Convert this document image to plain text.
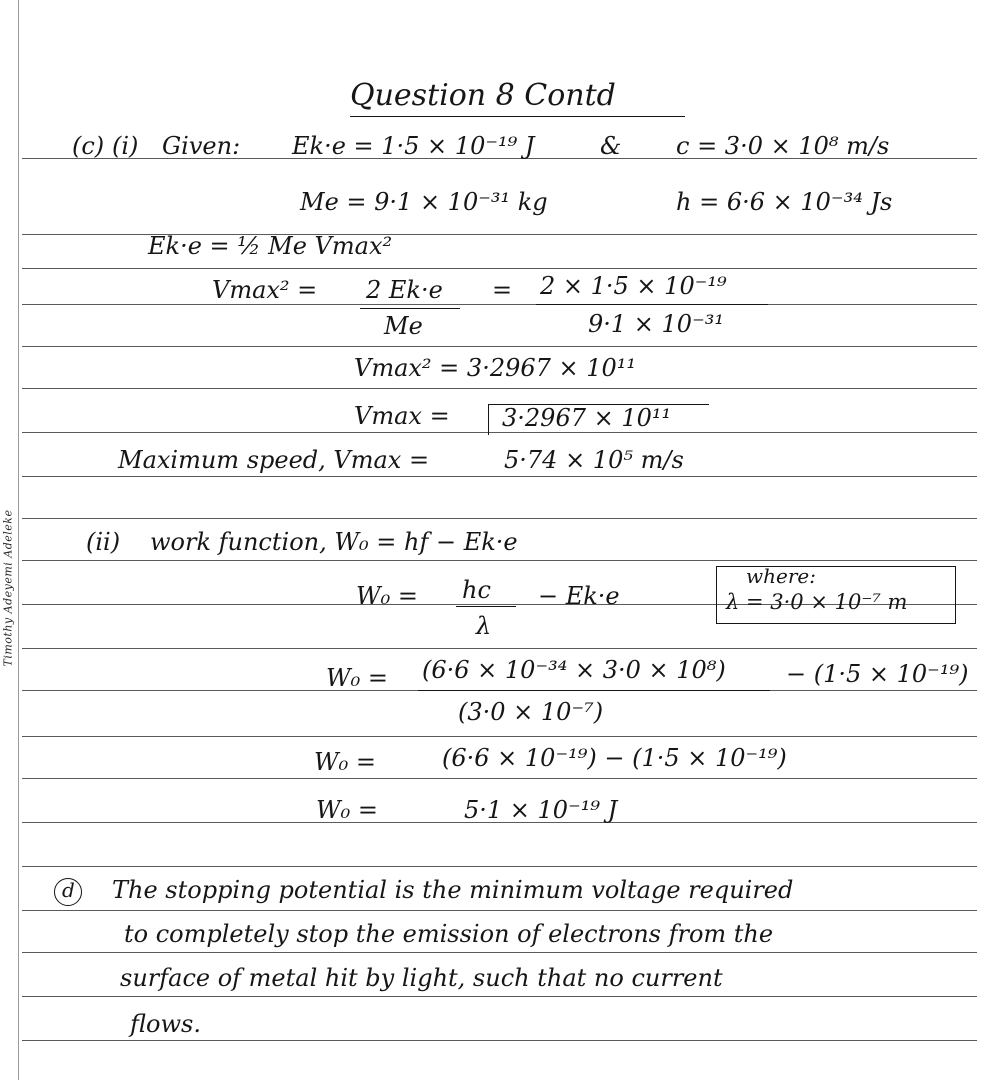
Timothy Adeyemi Adeleke
Question 8 Contd
(c) (i) Given: Ek·e = 1·5 × 10⁻¹⁹ J	& c = 3·0 × 10⁸ m/s
Me = 9·1 × 10⁻³¹ kg	h = 6·6 × 10⁻³⁴ Js
Ek·e = ½ Me Vmax²
Vmax² = 2 Ek·e
Me
= 2 × 1·5 × 10⁻¹⁹
9·1 × 10⁻³¹
Vmax² = 3·2967 × 10¹¹
Vmax = 3·2967 × 10¹¹
Maximum speed, Vmax =	5·74 × 10⁵ m/s
(ii) work function, W₀ = hf − Ek·e
W₀ = hc
λ
− Ek·e
where:
λ = 3·0 × 10⁻⁷ m
W₀ = (6·6 × 10⁻³⁴ × 3·0 × 10⁸)
(3·0 × 10⁻⁷)
− (1·5 × 10⁻¹⁹)
W₀ =	(6·6 × 10⁻¹⁹) − (1·5 × 10⁻¹⁹)
W₀ =	5·1 × 10⁻¹⁹ J
d The stopping potential is the minimum voltage required
to completely stop the emission of electrons from the
surface of metal hit by light, such that no current
flows.
